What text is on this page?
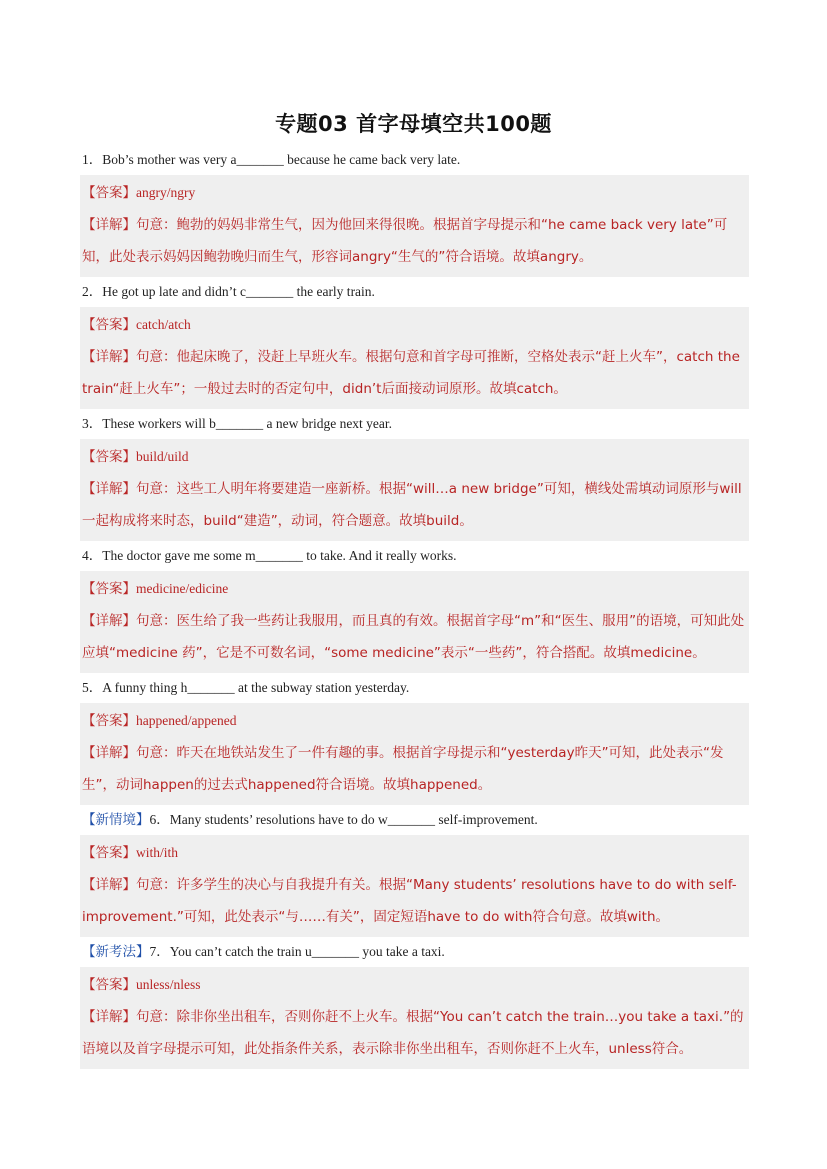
专题03 首字母填空共100题
1．Bob’s mother was very a_______ because he came back very late.
【答案】angry/ngry
【详解】句意：鲍勃的妈妈非常生气，因为他回来得很晚。根据首字母提示和“he came back very late”可知，此处表示妈妈因鲍勃晚归而生气，形容词angry“生气的”符合语境。故填angry。
2．He got up late and didn’t c_______ the early train.
【答案】catch/atch
【详解】句意：他起床晚了，没赶上早班火车。根据句意和首字母可推断，空格处表示“赶上火车”，catch the train“赶上火车”；一般过去时的否定句中，didn’t后面接动词原形。故填catch。
3．These workers will b_______ a new bridge next year.
【答案】build/uild
【详解】句意：这些工人明年将要建造一座新桥。根据“will…a new bridge”可知，横线处需填动词原形与will一起构成将来时态，build“建造”，动词，符合题意。故填build。
4．The doctor gave me some m_______ to take. And it really works.
【答案】medicine/edicine
【详解】句意：医生给了我一些药让我服用，而且真的有效。根据首字母“m”和“医生、服用”的语境，可知此处应填“medicine 药”，它是不可数名词，“some medicine”表示“一些药”，符合搭配。故填medicine。
5．A funny thing h_______ at the subway station yesterday.
【答案】happened/appened
【详解】句意：昨天在地铁站发生了一件有趣的事。根据首字母提示和“yesterday昨天”可知，此处表示“发生”，动词happen的过去式happened符合语境。故填happened。
【新情境】6．Many students’ resolutions have to do w_______ self-improvement.
【答案】with/ith
【详解】句意：许多学生的决心与自我提升有关。根据“Many students’ resolutions have to do with self-improvement.”可知，此处表示“与……有关”，固定短语have to do with符合句意。故填with。
【新考法】7．You can’t catch the train u_______ you take a taxi.
【答案】unless/nless
【详解】句意：除非你坐出租车，否则你赶不上火车。根据“You can’t catch the train…you take a taxi.”的语境以及首字母提示可知，此处指条件关系，表示除非你坐出租车，否则你赶不上火车，unless符合。
